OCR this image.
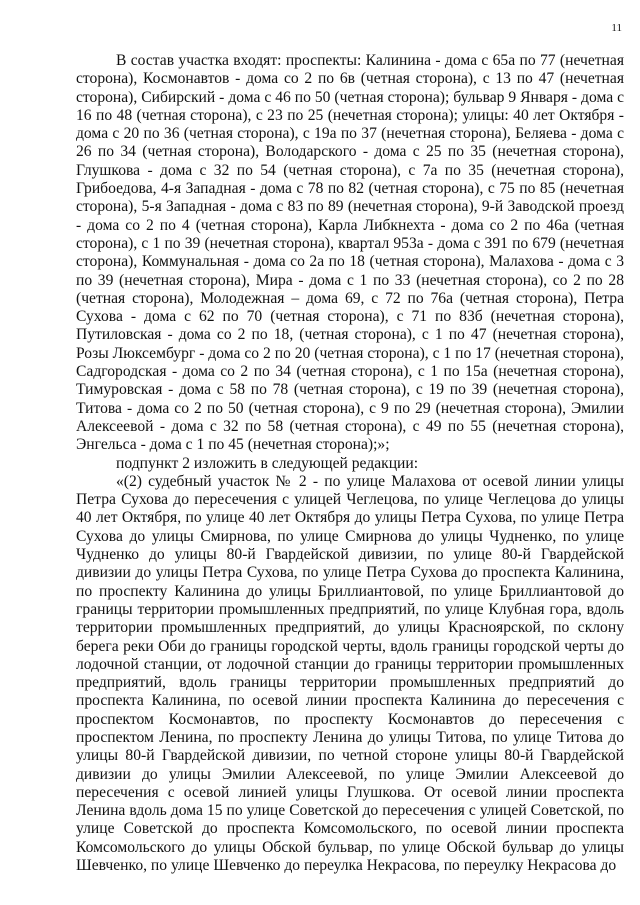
11

В состав участка входят: проспекты: Калинина - дома с 65а по 77 (нечетная сторона), Космонавтов - дома со 2 по 6в (четная сторона), с 13 по 47 (нечетная сторона), Сибирский - дома с 46 по 50 (четная сторона); бульвар 9 Января - дома с 16 по 48 (четная сторона), с 23 по 25 (нечетная сторона); улицы: 40 лет Октября - дома с 20 по 36 (четная сторона), с 19а по 37 (нечетная сторона), Беляева - дома с 26 по 34 (четная сторона), Володарского - дома с 25 по 35 (нечетная сторона), Глушкова - дома с 32 по 54 (четная сторона), с 7а по 35 (нечетная сторона), Грибоедова, 4-я Западная - дома с 78 по 82 (четная сторона), с 75 по 85 (нечетная сторона), 5-я Западная - дома с 83 по 89 (нечетная сторона), 9-й Заводской проезд - дома со 2 по 4 (четная сторона), Карла Либкнехта - дома со 2 по 46а (четная сторона), с 1 по 39 (нечетная сторона), квартал 953а - дома с 391 по 679 (нечетная сторона), Коммунальная - дома со 2а по 18 (четная сторона), Малахова - дома с 3 по 39 (нечетная сторона), Мира - дома с 1 по 33 (нечетная сторона), со 2 по 28 (четная сторона), Молодежная – дома 69, с 72 по 76а (четная сторона), Петра Сухова - дома с 62 по 70 (четная сторона), с 71 по 83б (нечетная сторона), Путиловская - дома со 2 по 18, (четная сторона), с 1 по 47 (нечетная сторона), Розы Люксембург - дома со 2 по 20 (четная сторона), с 1 по 17 (нечетная сторона), Садгородская - дома со 2 по 34 (четная сторона), с 1 по 15а (нечетная сторона), Тимуровская - дома с 58 по 78 (четная сторона), с 19 по 39 (нечетная сторона), Титова - дома со 2 по 50 (четная сторона), с 9 по 29 (нечетная сторона), Эмилии Алексеевой - дома с 32 по 58 (четная сторона), с 49 по 55 (нечетная сторона), Энгельса - дома с 1 по 45 (нечетная сторона);»;

подпункт 2 изложить в следующей редакции:

«(2) судебный участок № 2 - по улице Малахова от осевой линии улицы Петра Сухова до пересечения с улицей Чеглецова, по улице Чеглецова до улицы 40 лет Октября, по улице 40 лет Октября до улицы Петра Сухова, по улице Петра Сухова до улицы Смирнова, по улице Смирнова до улицы Чудненко, по улице Чудненко до улицы 80-й Гвардейской дивизии, по улице 80-й Гвардейской дивизии до улицы Петра Сухова, по улице Петра Сухова до проспекта Калинина, по проспекту Калинина до улицы Бриллиантовой, по улице Бриллиантовой до границы территории промышленных предприятий, по улице Клубная гора, вдоль территории промышленных предприятий, до улицы Красноярской, по склону берега реки Оби до границы городской черты, вдоль границы городской черты до лодочной станции, от лодочной станции до границы территории промышленных предприятий, вдоль границы территории промышленных предприятий до проспекта Калинина, по осевой линии проспекта Калинина до пересечения с проспектом Космонавтов, по проспекту Космонавтов до пересечения с проспектом Ленина, по проспекту Ленина до улицы Титова, по улице Титова до улицы 80-й Гвардейской дивизии, по четной стороне улицы 80-й Гвардейской дивизии до улицы Эмилии Алексеевой, по улице Эмилии Алексеевой до пересечения с осевой линией улицы Глушкова. От осевой линии проспекта Ленина вдоль дома 15 по улице Советской до пересечения с улицей Советской, по улице Советской до проспекта Комсомольского, по осевой линии проспекта Комсомольского до улицы Обской бульвар, по улице Обской бульвар до улицы Шевченко, по улице Шевченко до переулка Некрасова, по переулку Некрасова до
